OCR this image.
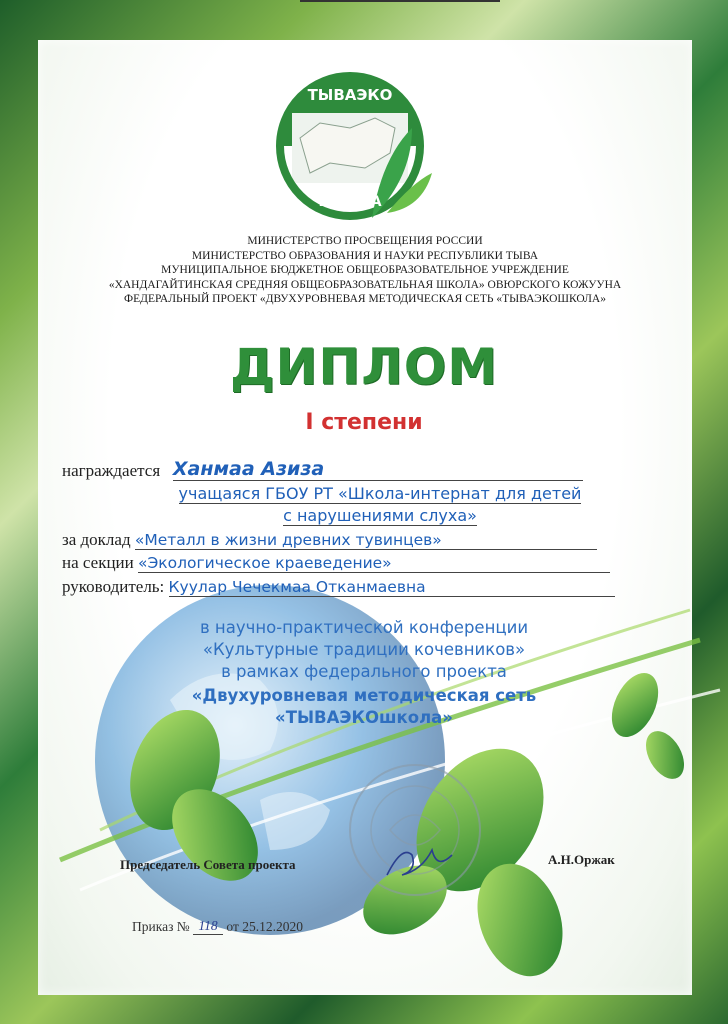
ТЫВАЭКО
ШКОЛА
МИНИСТЕРСТВО ПРОСВЕЩЕНИЯ РОССИИ
МИНИСТЕРСТВО ОБРАЗОВАНИЯ И НАУКИ РЕСПУБЛИКИ ТЫВА
МУНИЦИПАЛЬНОЕ БЮДЖЕТНОЕ ОБЩЕОБРАЗОВАТЕЛЬНОЕ УЧРЕЖДЕНИЕ
«ХАНДАГАЙТИНСКАЯ СРЕДНЯЯ ОБЩЕОБРАЗОВАТЕЛЬНАЯ ШКОЛА» ОВЮРСКОГО КОЖУУНА
ФЕДЕРАЛЬНЫЙ ПРОЕКТ «ДВУХУРОВНЕВАЯ МЕТОДИЧЕСКАЯ СЕТЬ «ТЫВАЭКОШКОЛА»
ДИПЛОМ
I степени
награждается Ханмаа Азиза
учащаяся ГБОУ РТ «Школа-интернат для детей
с нарушениями слуха»
за доклад «Металл в жизни древних тувинцев»
на секции «Экологическое краеведение»
руководитель: Куулар Чечекмаа Отканмаевна
в научно-практической конференции
«Культурные традиции кочевников»
в рамках федерального проекта
«Двухуровневая методическая сеть
«ТЫВАЭКОшкола»
Председатель Совета проекта	А.Н.Оржак
Приказ № 118 от 25.12.2020
